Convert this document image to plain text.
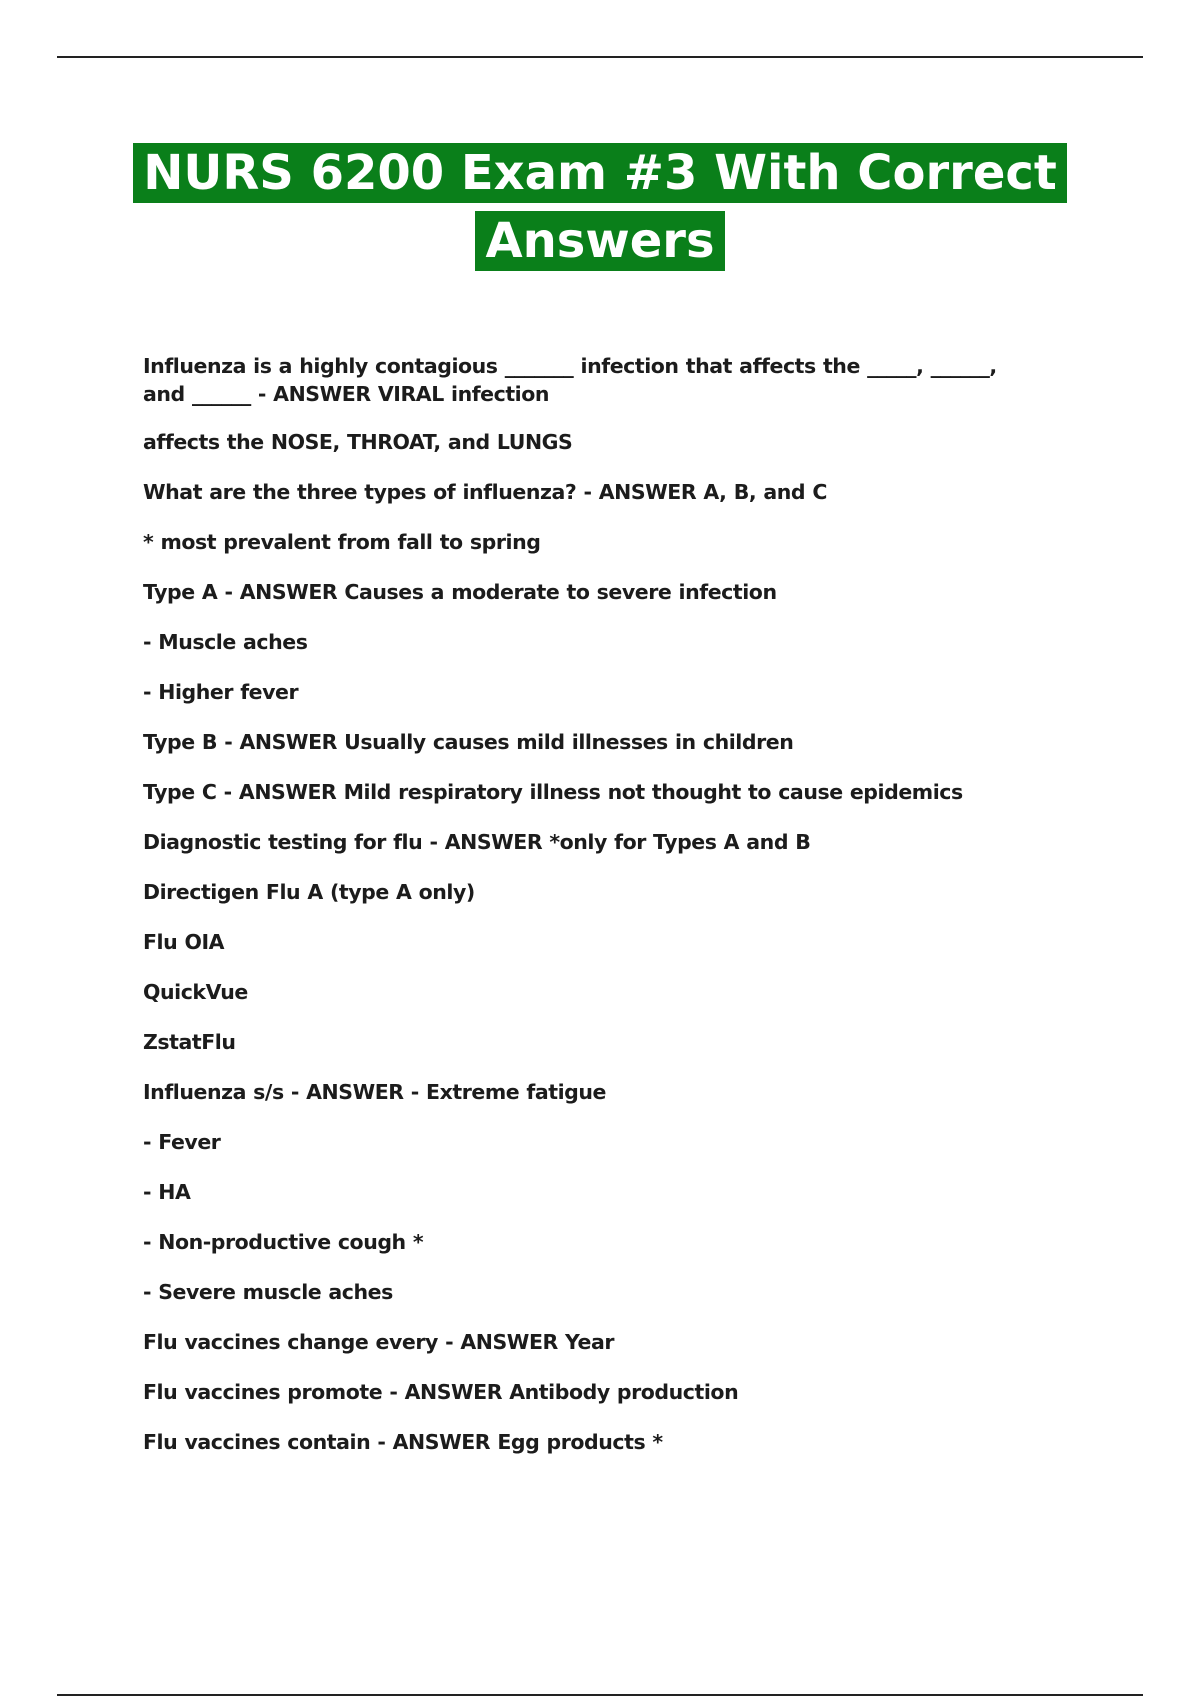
NURS 6200 Exam #3 With Correct
Answers

Influenza is a highly contagious _______ infection that affects the _____, ______, and ______ - ANSWER VIRAL infection

affects the NOSE, THROAT, and LUNGS

What are the three types of influenza? - ANSWER A, B, and C

* most prevalent from fall to spring

Type A - ANSWER Causes a moderate to severe infection

- Muscle aches

- Higher fever

Type B - ANSWER Usually causes mild illnesses in children

Type C - ANSWER Mild respiratory illness not thought to cause epidemics

Diagnostic testing for flu - ANSWER *only for Types A and B

Directigen Flu A (type A only)

Flu OIA

QuickVue

ZstatFlu

Influenza s/s - ANSWER - Extreme fatigue

- Fever

- HA

- Non-productive cough *

- Severe muscle aches

Flu vaccines change every - ANSWER Year

Flu vaccines promote - ANSWER Antibody production

Flu vaccines contain - ANSWER Egg products *
